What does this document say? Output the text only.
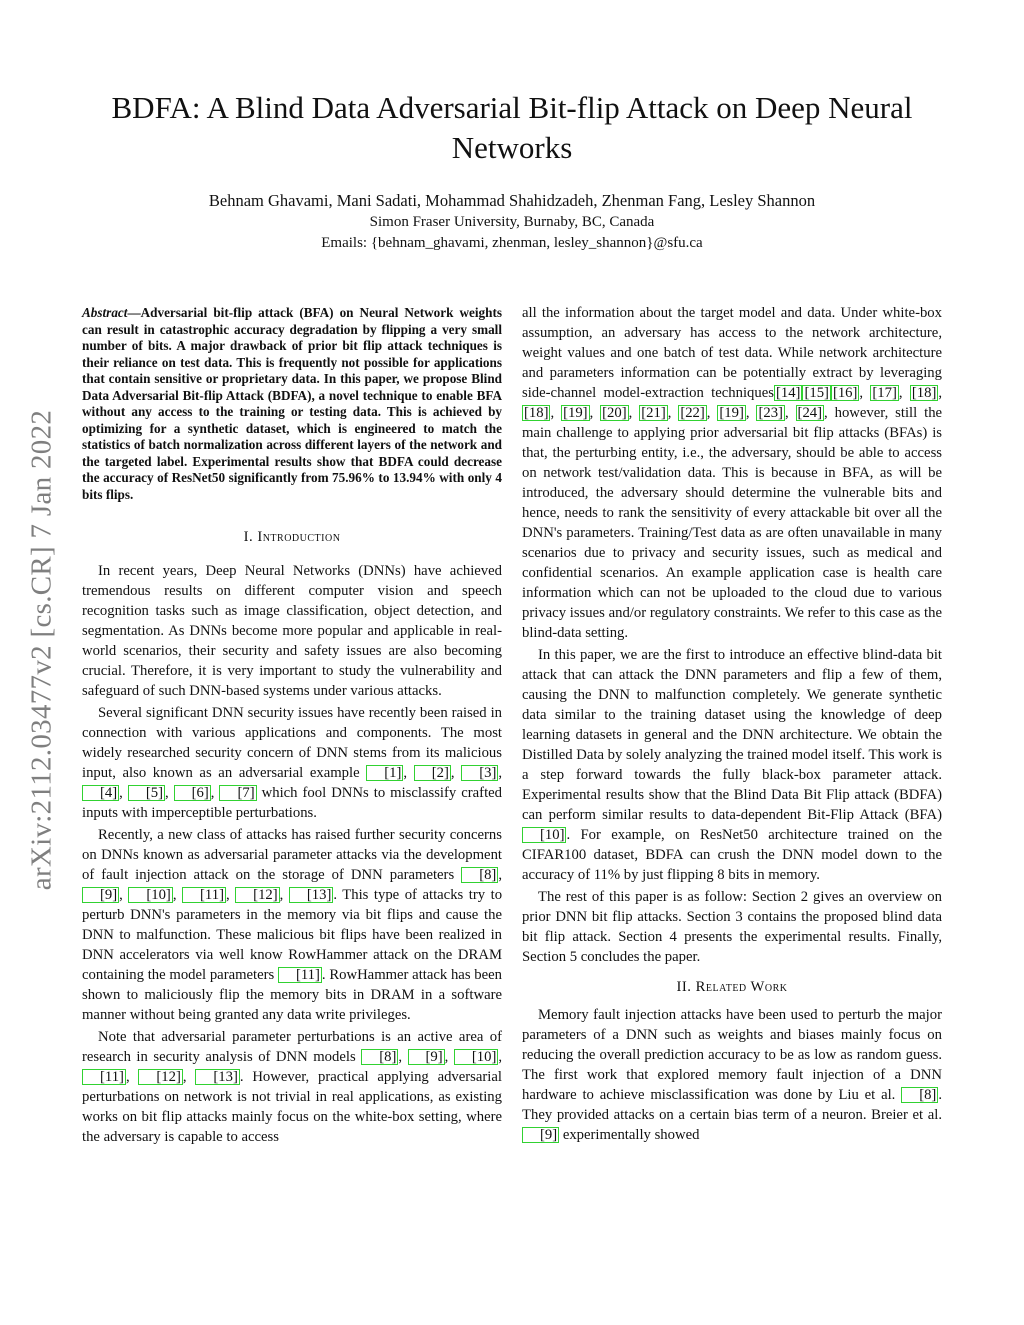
BDFA: A Blind Data Adversarial Bit-flip Attack on Deep Neural Networks
Behnam Ghavami, Mani Sadati, Mohammad Shahidzadeh, Zhenman Fang, Lesley Shannon
Simon Fraser University, Burnaby, BC, Canada
Emails: {behnam_ghavami, zhenman, lesley_shannon}@sfu.ca
arXiv:2112.03477v2 [cs.CR] 7 Jan 2022

Abstract—Adversarial bit-flip attack (BFA) on Neural Network weights can result in catastrophic accuracy degradation by flipping a very small number of bits. A major drawback of prior bit flip attack techniques is their reliance on test data. This is frequently not possible for applications that contain sensitive or proprietary data. In this paper, we propose Blind Data Adversarial Bit-flip Attack (BDFA), a novel technique to enable BFA without any access to the training or testing data. This is achieved by optimizing for a synthetic dataset, which is engineered to match the statistics of batch normalization across different layers of the network and the targeted label. Experimental results show that BDFA could decrease the accuracy of ResNet50 significantly from 75.96% to 13.94% with only 4 bits flips.

I. Introduction

In recent years, Deep Neural Networks (DNNs) have achieved tremendous results on different computer vision and speech recognition tasks such as image classification, object detection, and segmentation. As DNNs become more popular and applicable in real-world scenarios, their security and safety issues are also becoming crucial. Therefore, it is very important to study the vulnerability and safeguard of such DNN-based systems under various attacks.

Several significant DNN security issues have recently been raised in connection with various applications and components. The most widely researched security concern of DNN stems from its malicious input, also known as an adversarial example [1] , [2] , [3] , [4] , [5] , [6] , [7] which fool DNNs to misclassify crafted inputs with imperceptible perturbations.

Recently, a new class of attacks has raised further security concerns on DNNs known as adversarial parameter attacks via the development of fault injection attack on the storage of DNN parameters [8] , [9] , [10] , [11] , [12] , [13] . This type of attacks try to perturb DNN's parameters in the memory via bit flips and cause the DNN to malfunction. These malicious bit flips have been realized in DNN accelerators via well know RowHammer attack on the DRAM containing the model parameters [11] . RowHammer attack has been shown to maliciously flip the memory bits in DRAM in a software manner without being granted any data write privileges.

Note that adversarial parameter perturbations is an active area of research in security analysis of DNN models [8] , [9] , [10] , [11] , [12] , [13] . However, practical applying adversarial perturbations on network is not trivial in real applications, as existing works on bit flip attacks mainly focus on the white-box setting, where the adversary is capable to access

all the information about the target model and data. Under white-box assumption, an adversary has access to the network architecture, weight values and one batch of test data. While network architecture and parameters information can be potentially extract by leveraging side-channel model-extraction techniques [14] [15] [16] , [17] , [18] , [18] , [19] , [20] , [21] , [22] , [19] , [23] , [24] , however, still the main challenge to applying prior adversarial bit flip attacks (BFAs) is that, the perturbing entity, i.e., the adversary, should be able to access on network test/validation data. This is because in BFA, as will be introduced, the adversary should determine the vulnerable bits and hence, needs to rank the sensitivity of every attackable bit over all the DNN's parameters. Training/Test data as are often unavailable in many scenarios due to privacy and security issues, such as medical and confidential scenarios. An example application case is health care information which can not be uploaded to the cloud due to various privacy issues and/or regulatory constraints. We refer to this case as the blind-data setting.

In this paper, we are the first to introduce an effective blind-data bit attack that can attack the DNN parameters and flip a few of them, causing the DNN to malfunction completely. We generate synthetic data similar to the training dataset using the knowledge of deep learning datasets in general and the DNN architecture. We obtain the Distilled Data by solely analyzing the trained model itself. This work is a step forward towards the fully black-box parameter attack. Experimental results show that the Blind Data Bit Flip attack (BDFA) can perform similar results to data-dependent Bit-Flip Attack (BFA) [10] . For example, on ResNet50 architecture trained on the CIFAR100 dataset, BDFA can crush the DNN model down to the accuracy of 11% by just flipping 8 bits in memory.

The rest of this paper is as follow: Section 2 gives an overview on prior DNN bit flip attacks. Section 3 contains the proposed blind data bit flip attack. Section 4 presents the experimental results. Finally, Section 5 concludes the paper.

II. Related Work

Memory fault injection attacks have been used to perturb the major parameters of a DNN such as weights and biases mainly focus on reducing the overall prediction accuracy to be as low as random guess. The first work that explored memory fault injection of a DNN hardware to achieve misclassification was done by Liu et al. [8] . They provided attacks on a certain bias term of a neuron. Breier et al. [9] experimentally showed
